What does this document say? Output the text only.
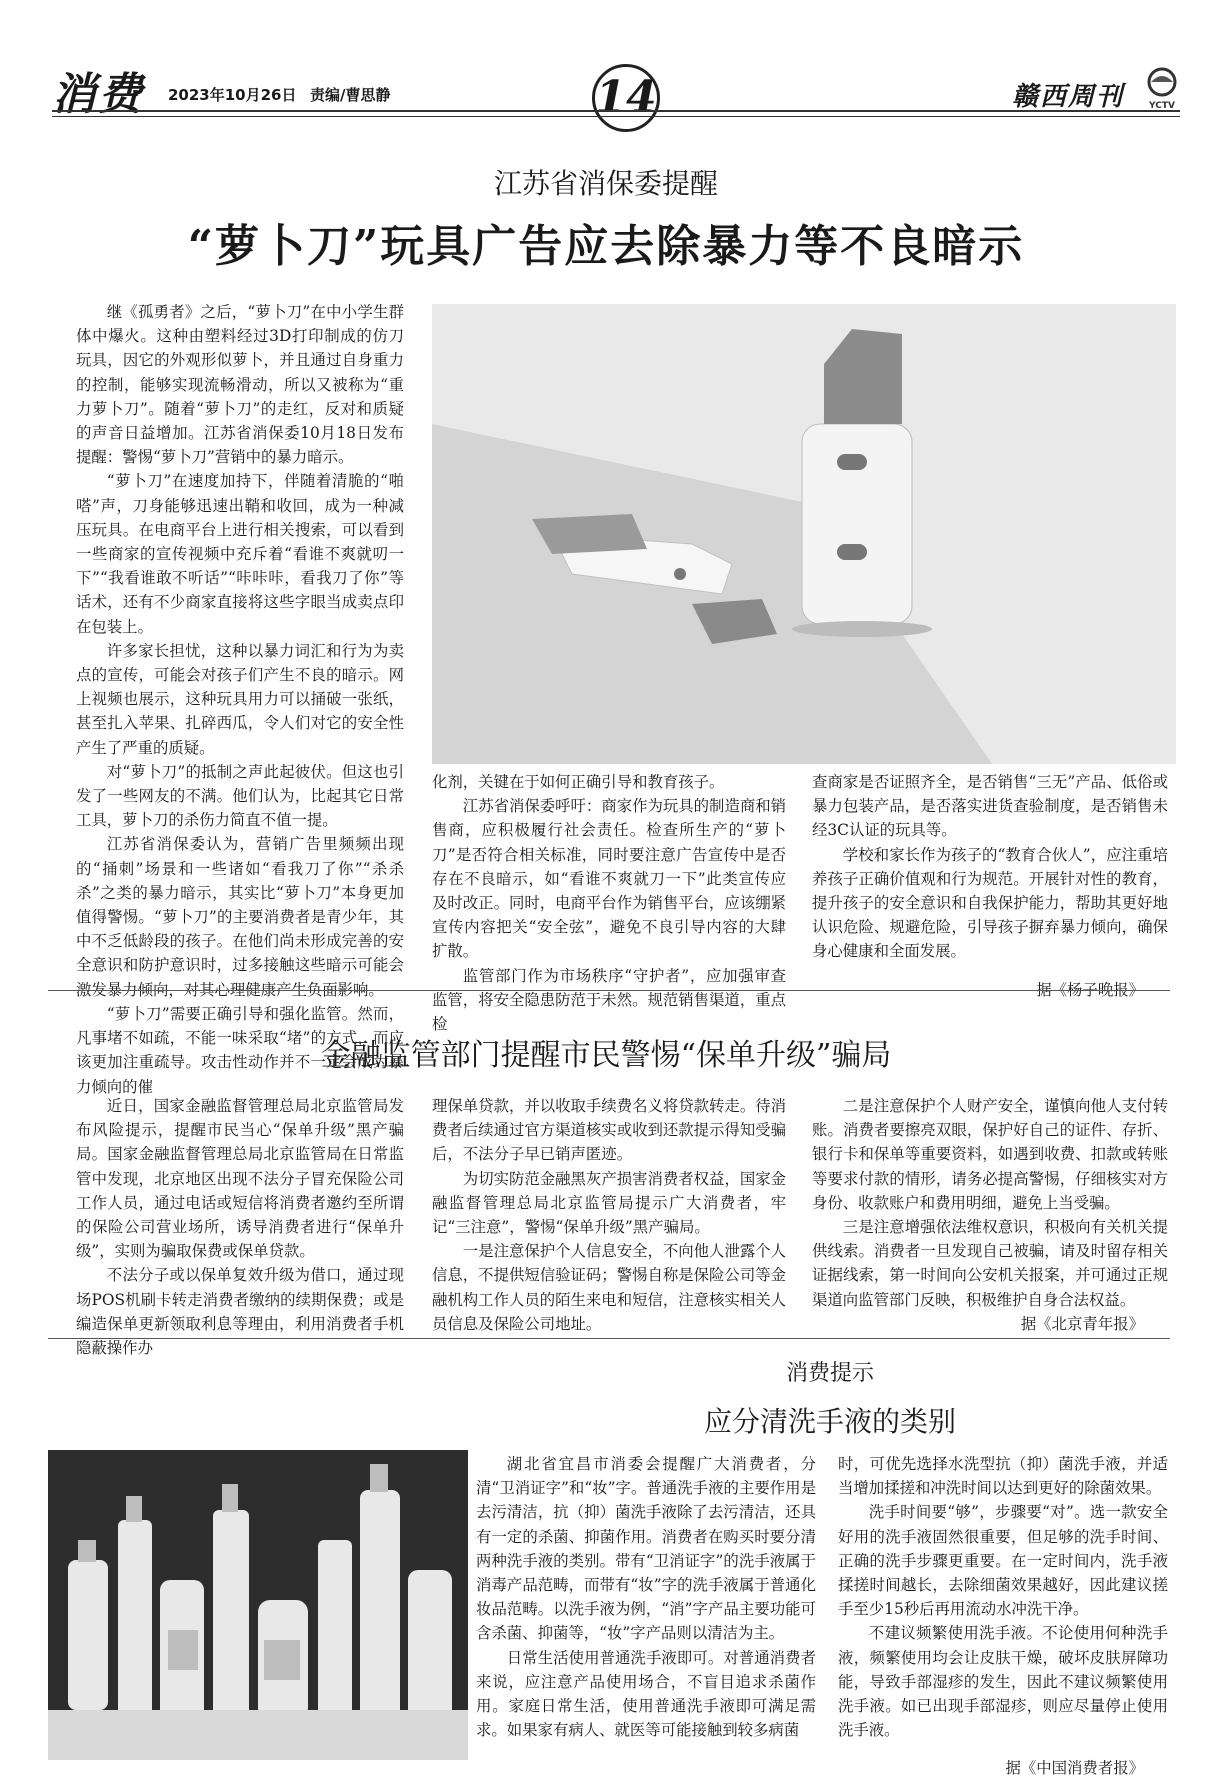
消费 2023年10月26日 责编/曹思静	14	赣西周刊	YCTV
江苏省消保委提醒
“萝卜刀”玩具广告应去除暴力等不良暗示

继《孤勇者》之后，“萝卜刀”在中小学生群体中爆火。这种由塑料经过3D打印制成的仿刀玩具，因它的外观形似萝卜，并且通过自身重力的控制，能够实现流畅滑动，所以又被称为“重力萝卜刀”。随着“萝卜刀”的走红，反对和质疑的声音日益增加。江苏省消保委10月18日发布提醒：警惕“萝卜刀”营销中的暴力暗示。

“萝卜刀”在速度加持下，伴随着清脆的“啪嗒”声，刀身能够迅速出鞘和收回，成为一种减压玩具。在电商平台上进行相关搜索，可以看到一些商家的宣传视频中充斥着“看谁不爽就叨一下”“我看谁敢不听话”“咔咔咔，看我刀了你”等话术，还有不少商家直接将这些字眼当成卖点印在包装上。

许多家长担忧，这种以暴力词汇和行为为卖点的宣传，可能会对孩子们产生不良的暗示。网上视频也展示，这种玩具用力可以捅破一张纸，甚至扎入苹果、扎碎西瓜，令人们对它的安全性产生了严重的质疑。

对“萝卜刀”的抵制之声此起彼伏。但这也引发了一些网友的不满。他们认为，比起其它日常工具，萝卜刀的杀伤力简直不值一提。

江苏省消保委认为，营销广告里频频出现的“捅刺”场景和一些诸如“看我刀了你”“杀杀杀”之类的暴力暗示，其实比“萝卜刀”本身更加值得警惕。“萝卜刀”的主要消费者是青少年，其中不乏低龄段的孩子。在他们尚未形成完善的安全意识和防护意识时，过多接触这些暗示可能会激发暴力倾向，对其心理健康产生负面影响。

“萝卜刀”需要正确引导和强化监管。然而，凡事堵不如疏，不能一味采取“堵”的方式，而应该更加注重疏导。攻击性动作并不一定会成为暴力倾向的催

化剂，关键在于如何正确引导和教育孩子。

江苏省消保委呼吁：商家作为玩具的制造商和销售商，应积极履行社会责任。检查所生产的“萝卜刀”是否符合相关标准，同时要注意广告宣传中是否存在不良暗示，如“看谁不爽就刀一下”此类宣传应及时改正。同时，电商平台作为销售平台，应该绷紧宣传内容把关“安全弦”，避免不良引导内容的大肆扩散。

监管部门作为市场秩序“守护者”，应加强审查监管，将安全隐患防范于未然。规范销售渠道，重点检

查商家是否证照齐全，是否销售“三无”产品、低俗或暴力包装产品，是否落实进货查验制度，是否销售未经3C认证的玩具等。

学校和家长作为孩子的“教育合伙人”，应注重培养孩子正确价值观和行为规范。开展针对性的教育，提升孩子的安全意识和自我保护能力，帮助其更好地认识危险、规避危险，引导孩子摒弃暴力倾向，确保身心健康和全面发展。

据《杨子晚报》

金融监管部门提醒市民警惕“保单升级”骗局

近日，国家金融监督管理总局北京监管局发布风险提示，提醒市民当心“保单升级”黑产骗局。国家金融监督管理总局北京监管局在日常监管中发现，北京地区出现不法分子冒充保险公司工作人员，通过电话或短信将消费者邀约至所谓的保险公司营业场所，诱导消费者进行“保单升级”，实则为骗取保费或保单贷款。

不法分子或以保单复效升级为借口，通过现场POS机刷卡转走消费者缴纳的续期保费；或是编造保单更新领取利息等理由，利用消费者手机隐蔽操作办

理保单贷款，并以收取手续费名义将贷款转走。待消费者后续通过官方渠道核实或收到还款提示得知受骗后，不法分子早已销声匿迹。

为切实防范金融黑灰产损害消费者权益，国家金融监督管理总局北京监管局提示广大消费者，牢记“三注意”，警惕“保单升级”黑产骗局。

一是注意保护个人信息安全，不向他人泄露个人信息，不提供短信验证码；警惕自称是保险公司等金融机构工作人员的陌生来电和短信，注意核实相关人员信息及保险公司地址。

二是注意保护个人财产安全，谨慎向他人支付转账。消费者要擦亮双眼，保护好自己的证件、存折、银行卡和保单等重要资料，如遇到收费、扣款或转账等要求付款的情形，请务必提高警惕，仔细核实对方身份、收款账户和费用明细，避免上当受骗。

三是注意增强依法维权意识，积极向有关机关提供线索。消费者一旦发现自己被骗，请及时留存相关证据线索，第一时间向公安机关报案，并可通过正规渠道向监管部门反映，积极维护自身合法权益。

据《北京青年报》

消费提示
应分清洗手液的类别

湖北省宜昌市消委会提醒广大消费者，分清“卫消证字”和“妆”字。普通洗手液的主要作用是去污清洁，抗（抑）菌洗手液除了去污清洁，还具有一定的杀菌、抑菌作用。消费者在购买时要分清两种洗手液的类别。带有“卫消证字”的洗手液属于消毒产品范畴，而带有“妆”字的洗手液属于普通化妆品范畴。以洗手液为例，“消”字产品主要功能可含杀菌、抑菌等，“妆”字产品则以清洁为主。

日常生活使用普通洗手液即可。对普通消费者来说，应注意产品使用场合，不盲目追求杀菌作用。家庭日常生活，使用普通洗手液即可满足需求。如果家有病人、就医等可能接触到较多病菌

时，可优先选择水洗型抗（抑）菌洗手液，并适当增加揉搓和冲洗时间以达到更好的除菌效果。

洗手时间要“够”，步骤要“对”。选一款安全好用的洗手液固然很重要，但足够的洗手时间、正确的洗手步骤更重要。在一定时间内，洗手液揉搓时间越长，去除细菌效果越好，因此建议搓手至少15秒后再用流动水冲洗干净。

不建议频繁使用洗手液。不论使用何种洗手液，频繁使用均会让皮肤干燥，破坏皮肤屏障功能，导致手部湿疹的发生，因此不建议频繁使用洗手液。如已出现手部湿疹，则应尽量停止使用洗手液。

据《中国消费者报》
